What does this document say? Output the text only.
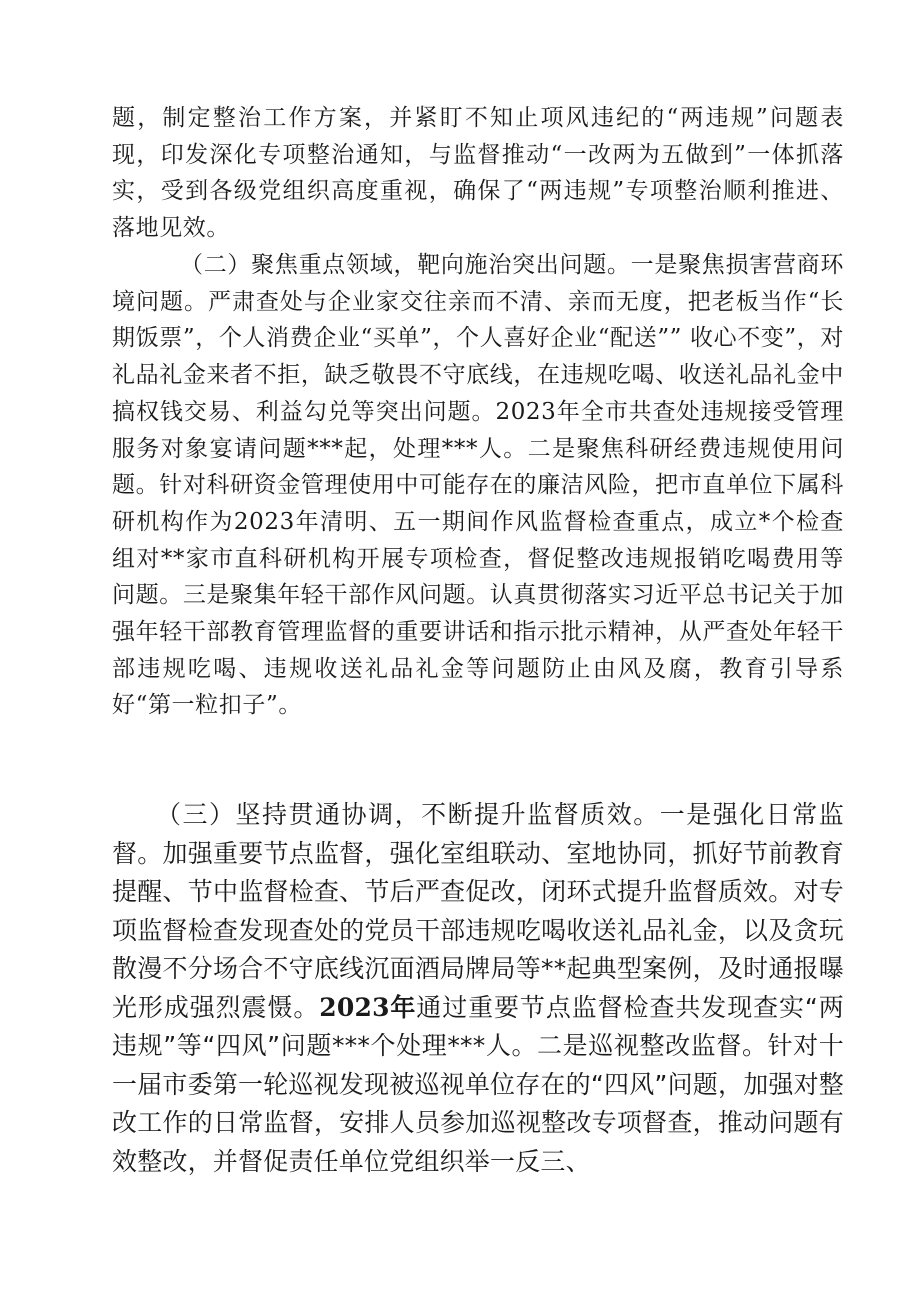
题，制定整治工作方案，并紧盯不知止项风违纪的“两违规”问题表现，印发深化专项整治通知，与监督推动“一改两为五做到”一体抓落实，受到各级党组织高度重视，确保了“两违规”专项整治顺利推进、落地见效。

（二）聚焦重点领域，靶向施治突出问题。一是聚焦损害营商环境问题。严肃查处与企业家交往亲而不清、亲而无度，把老板当作“长期饭票”，个人消费企业“买单”，个人喜好企业“配送”” 收心不变”，对礼品礼金来者不拒，缺乏敬畏不守底线，在违规吃喝、收送礼品礼金中搞权钱交易、利益勾兑等突出问题。2023年全市共查处违规接受管理服务对象宴请问题***起，处理***人。二是聚焦科研经费违规使用问题。针对科研资金管理使用中可能存在的廉洁风险，把市直单位下属科研机构作为2023年清明、五一期间作风监督检查重点，成立*个检查组对**家市直科研机构开展专项检查，督促整改违规报销吃喝费用等问题。三是聚集年轻干部作风问题。认真贯彻落实习近平总书记关于加强年轻干部教育管理监督的重要讲话和指示批示精神，从严查处年轻干部违规吃喝、违规收送礼品礼金等问题防止由风及腐，教育引导系好“第一粒扣子”。

（三）坚持贯通协调，不断提升监督质效。一是强化日常监督。加强重要节点监督，强化室组联动、室地协同，抓好节前教育提醒、节中监督检查、节后严查促改，闭环式提升监督质效。对专项监督检查发现查处的党员干部违规吃喝收送礼品礼金，以及贪玩散漫不分场合不守底线沉面酒局牌局等**起典型案例，及时通报曝光形成强烈震慑。2023年通过重要节点监督检查共发现查实“两违规”等“四风”问题***个处理***人。二是巡视整改监督。针对十一届市委第一轮巡视发现被巡视单位存在的“四风”问题，加强对整改工作的日常监督，安排人员参加巡视整改专项督查，推动问题有效整改，并督促责任单位党组织举一反三、
